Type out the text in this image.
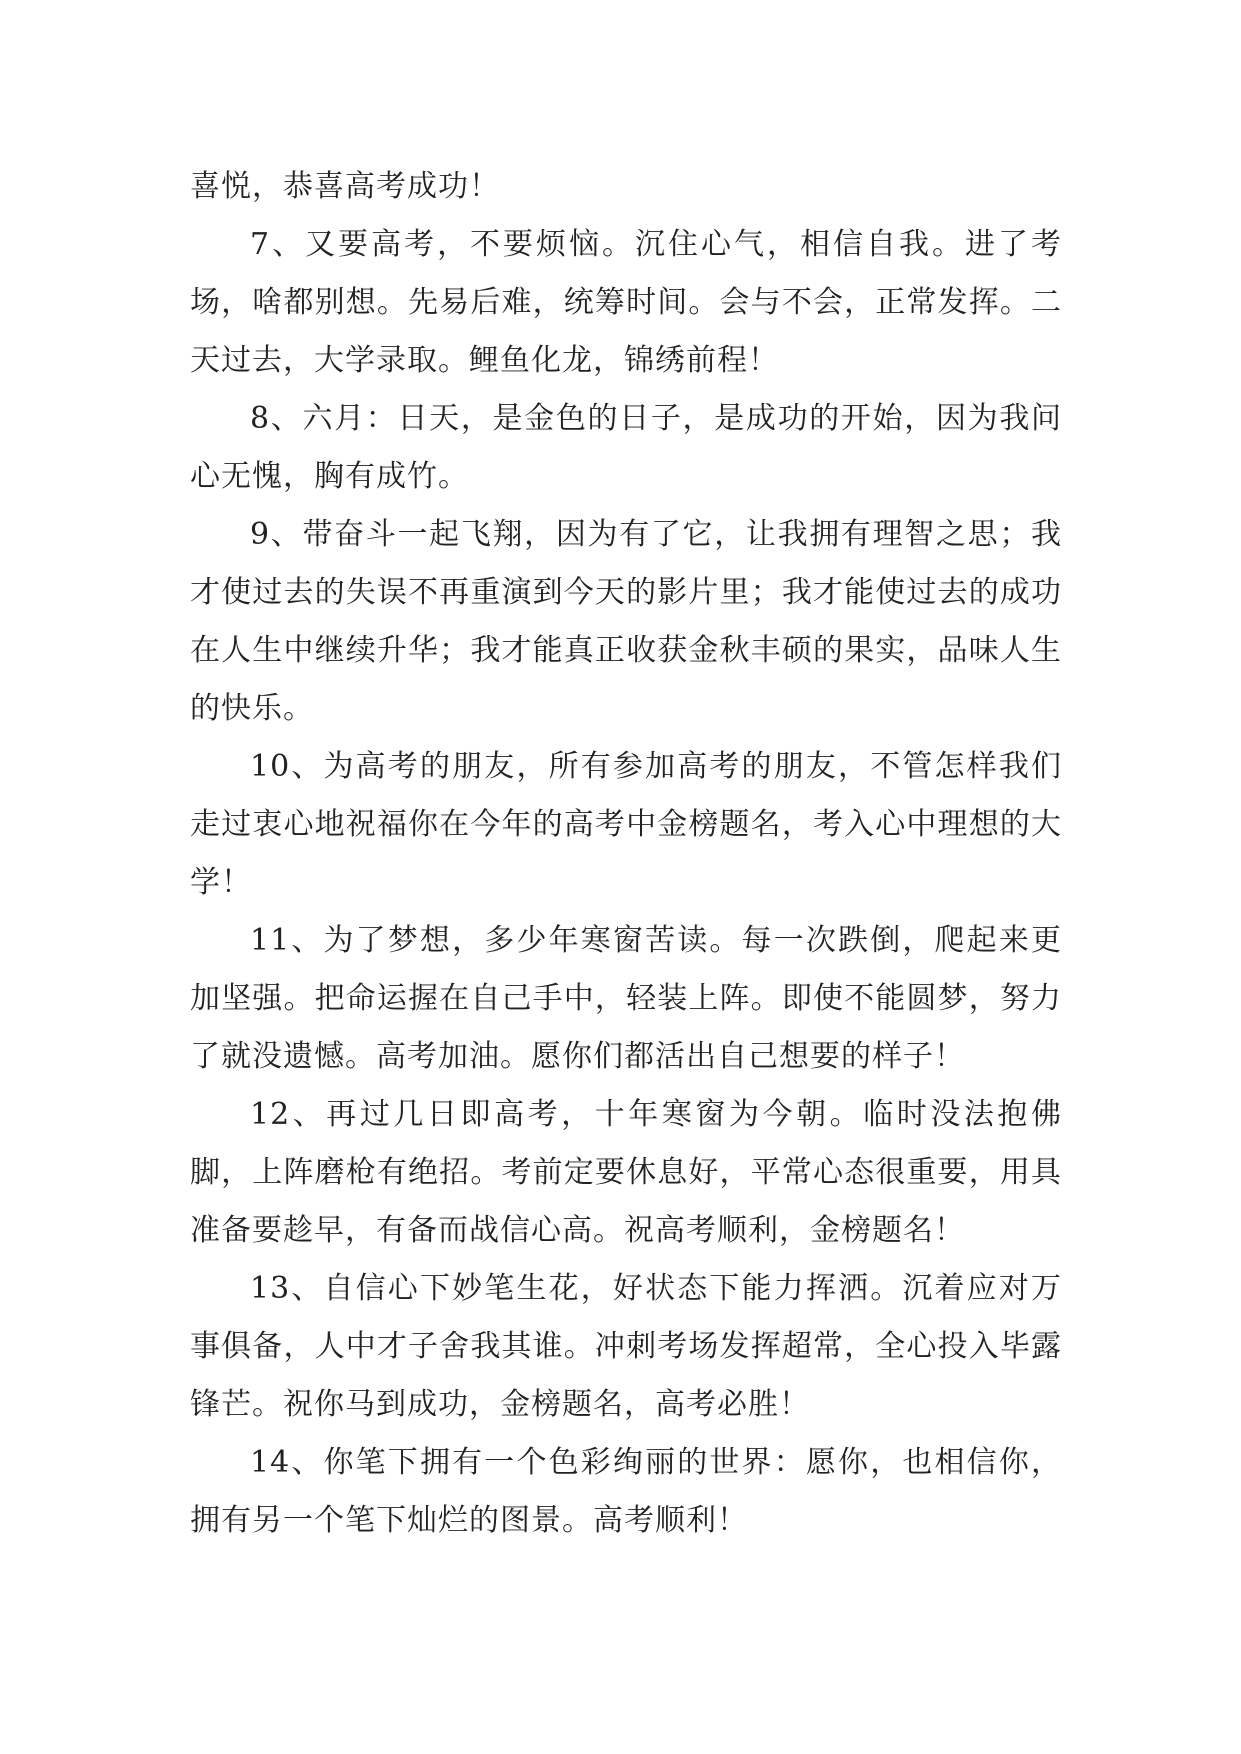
喜悦，恭喜高考成功！

7、又要高考，不要烦恼。沉住心气，相信自我。进了考场，啥都别想。先易后难，统筹时间。会与不会，正常发挥。二天过去，大学录取。鲤鱼化龙，锦绣前程！

8、六月：日天，是金色的日子，是成功的开始，因为我问心无愧，胸有成竹。

9、带奋斗一起飞翔，因为有了它，让我拥有理智之思；我才使过去的失误不再重演到今天的影片里；我才能使过去的成功在人生中继续升华；我才能真正收获金秋丰硕的果实，品味人生的快乐。

10、为高考的朋友，所有参加高考的朋友，不管怎样我们走过衷心地祝福你在今年的高考中金榜题名，考入心中理想的大学！

11、为了梦想，多少年寒窗苦读。每一次跌倒，爬起来更加坚强。把命运握在自己手中，轻装上阵。即使不能圆梦，努力了就没遗憾。高考加油。愿你们都活出自己想要的样子！

12、再过几日即高考，十年寒窗为今朝。临时没法抱佛脚，上阵磨枪有绝招。考前定要休息好，平常心态很重要，用具准备要趁早，有备而战信心高。祝高考顺利，金榜题名！

13、自信心下妙笔生花，好状态下能力挥洒。沉着应对万事俱备，人中才子舍我其谁。冲刺考场发挥超常，全心投入毕露锋芒。祝你马到成功，金榜题名，高考必胜！

14、你笔下拥有一个色彩绚丽的世界：愿你，也相信你，拥有另一个笔下灿烂的图景。高考顺利！
